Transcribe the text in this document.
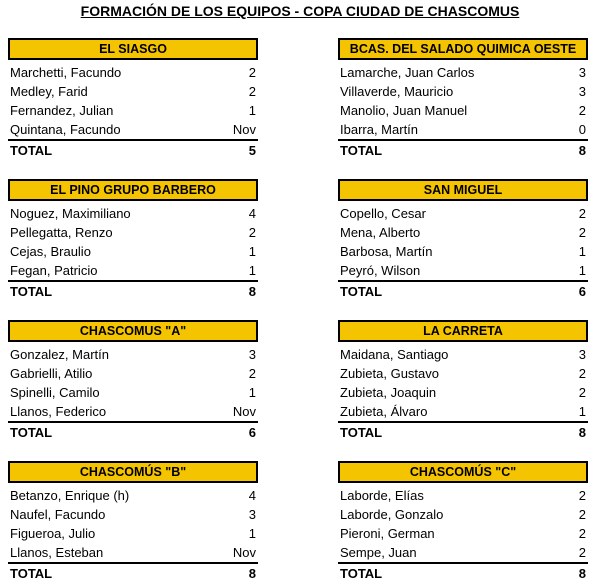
FORMACIÓN DE LOS EQUIPOS - COPA CIUDAD DE CHASCOMUS
EL SIASGO
Marchetti, Facundo	2
Medley, Farid	2
Fernandez, Julian	1
Quintana, Facundo	Nov
TOTAL	5
BCAS. DEL SALADO QUIMICA OESTE
Lamarche, Juan Carlos	3
Villaverde, Mauricio	3
Manolio, Juan Manuel	2
Ibarra, Martín	0
TOTAL	8
EL PINO GRUPO BARBERO
Noguez, Maximiliano	4
Pellegatta, Renzo	2
Cejas, Braulio	1
Fegan, Patricio	1
TOTAL	8
SAN MIGUEL
Copello, Cesar	2
Mena, Alberto	2
Barbosa, Martín	1
Peyró, Wilson	1
TOTAL	6
CHASCOMUS "A"
Gonzalez, Martín	3
Gabrielli, Atilio	2
Spinelli, Camilo	1
Llanos, Federico	Nov
TOTAL	6
LA CARRETA
Maidana, Santiago	3
Zubieta, Gustavo	2
Zubieta, Joaquin	2
Zubieta, Álvaro	1
TOTAL	8
CHASCOMÚS "B"
Betanzo, Enrique (h)	4
Naufel, Facundo	3
Figueroa, Julio	1
Llanos, Esteban	Nov
TOTAL	8
CHASCOMÚS "C"
Laborde, Elías	2
Laborde, Gonzalo	2
Pieroni, German	2
Sempe, Juan	2
TOTAL	8
